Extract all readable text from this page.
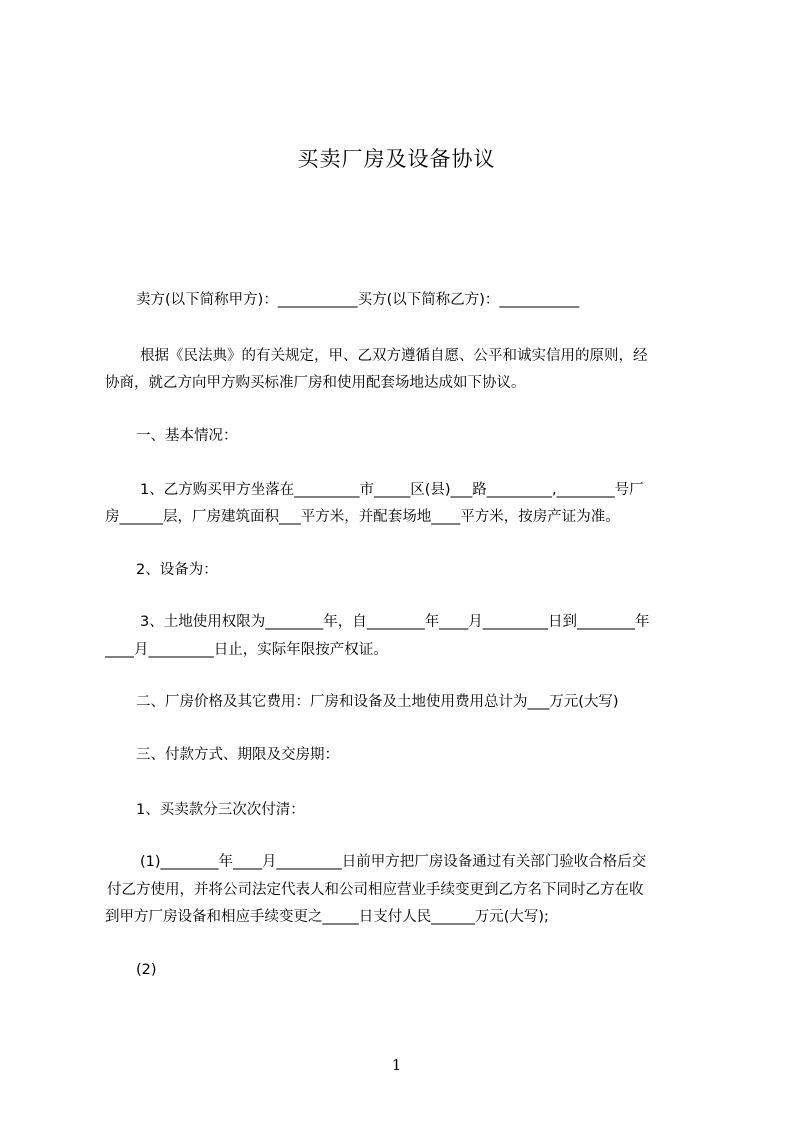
买卖厂房及设备协议
卖方(以下简称甲方)：___________买方(以下简称乙方)：___________
根据《民法典》的有关规定，甲、乙双方遵循自愿、公平和诚实信用的原则，经
协商，就乙方向甲方购买标准厂房和使用配套场地达成如下协议。
一、基本情况：
1、乙方购买甲方坐落在_________市_____区(县)___路_________,________号厂
房______层，厂房建筑面积___平方米，并配套场地____平方米，按房产证为准。
2、设备为：
3、土地使用权限为________年，自________年____月_________日到________年
____月_________日止，实际年限按产权证。
二、厂房价格及其它费用：厂房和设备及土地使用费用总计为___万元(大写)
三、付款方式、期限及交房期：
1、买卖款分三次次付清：
(1)________年____月_________日前甲方把厂房设备通过有关部门验收合格后交
付乙方使用，并将公司法定代表人和公司相应营业手续变更到乙方名下同时乙方在收
到甲方厂房设备和相应手续变更之_____日支付人民______万元(大写);
(2)
1
